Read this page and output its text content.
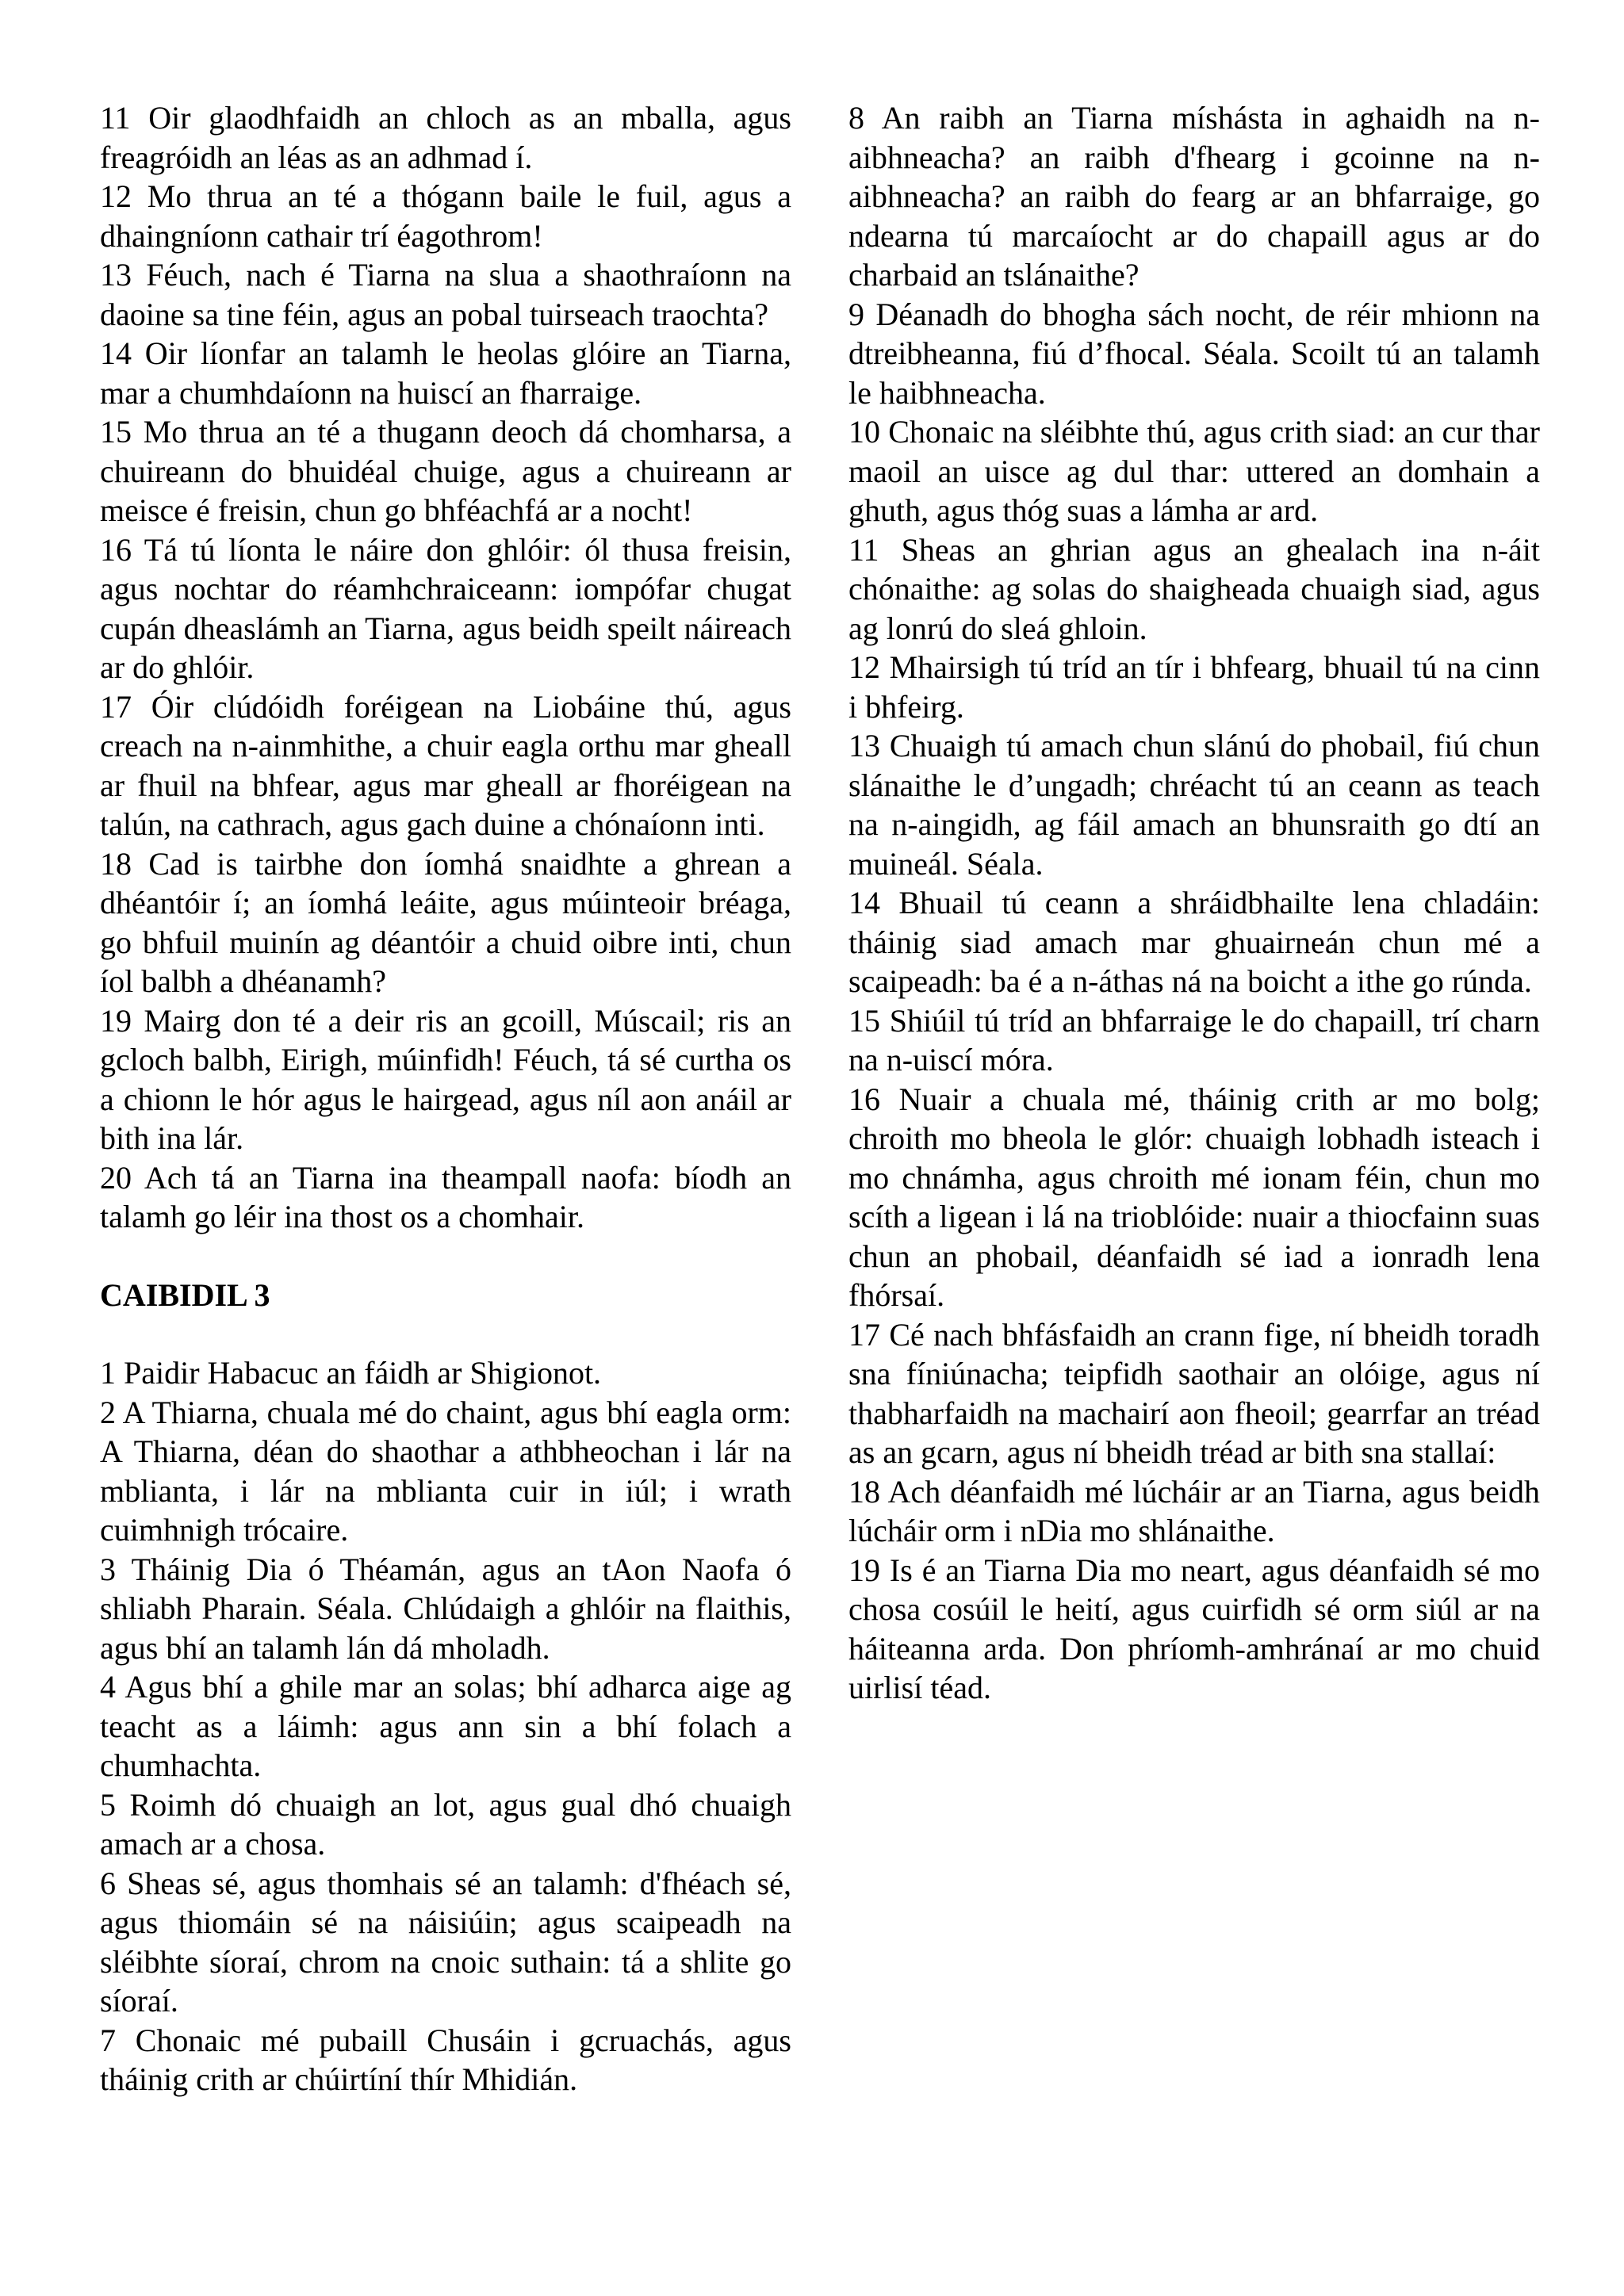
11 Oir glaodhfaidh an chloch as an mballa, agus freagróidh an léas as an adhmad í.

12 Mo thrua an té a thógann baile le fuil, agus a dhaingníonn cathair trí éagothrom!

13 Féuch, nach é Tiarna na slua a shaothraíonn na daoine sa tine féin, agus an pobal tuirseach traochta?

14 Oir líonfar an talamh le heolas glóire an Tiarna, mar a chumhdaíonn na huiscí an fharraige.

15 Mo thrua an té a thugann deoch dá chomharsa, a chuireann do bhuidéal chuige, agus a chuireann ar meisce é freisin, chun go bhféachfá ar a nocht!

16 Tá tú líonta le náire don ghlóir: ól thusa freisin, agus nochtar do réamhchraiceann: iompófar chugat cupán dheaslámh an Tiarna, agus beidh speilt náireach ar do ghlóir.

17 Óir clúdóidh foréigean na Liobáine thú, agus creach na n-ainmhithe, a chuir eagla orthu mar gheall ar fhuil na bhfear, agus mar gheall ar fhoréigean na talún, na cathrach, agus gach duine a chónaíonn inti.

18 Cad is tairbhe don íomhá snaidhte a ghrean a dhéantóir í; an íomhá leáite, agus múinteoir bréaga, go bhfuil muinín ag déantóir a chuid oibre inti, chun íol balbh a dhéanamh?

19 Mairg don té a deir ris an gcoill, Múscail; ris an gcloch balbh, Eirigh, múinfidh! Féuch, tá sé curtha os a chionn le hór agus le hairgead, agus níl aon anáil ar bith ina lár.

20 Ach tá an Tiarna ina theampall naofa: bíodh an talamh go léir ina thost os a chomhair.

CAIBIDIL 3

1 Paidir Habacuc an fáidh ar Shigionot.

2 A Thiarna, chuala mé do chaint, agus bhí eagla orm: A Thiarna, déan do shaothar a athbheochan i lár na mblianta, i lár na mblianta cuir in iúl; i wrath cuimhnigh trócaire.

3 Tháinig Dia ó Théamán, agus an tAon Naofa ó shliabh Pharain. Séala. Chlúdaigh a ghlóir na flaithis, agus bhí an talamh lán dá mholadh.

4 Agus bhí a ghile mar an solas; bhí adharca aige ag teacht as a láimh: agus ann sin a bhí folach a chumhachta.

5 Roimh dó chuaigh an lot, agus gual dhó chuaigh amach ar a chosa.

6 Sheas sé, agus thomhais sé an talamh: d'fhéach sé, agus thiomáin sé na náisiúin; agus scaipeadh na sléibhte síoraí, chrom na cnoic suthain: tá a shlite go síoraí.

7 Chonaic mé pubaill Chusáin i gcruachás, agus tháinig crith ar chúirtíní thír Mhidián.

8 An raibh an Tiarna míshásta in aghaidh na n-aibhneacha? an raibh d'fhearg i gcoinne na n-aibhneacha? an raibh do fearg ar an bhfarraige, go ndearna tú marcaíocht ar do chapaill agus ar do charbaid an tslánaithe?

9 Déanadh do bhogha sách nocht, de réir mhionn na dtreibheanna, fiú d’fhocal. Séala. Scoilt tú an talamh le haibhneacha.

10 Chonaic na sléibhte thú, agus crith siad: an cur thar maoil an uisce ag dul thar: uttered an domhain a ghuth, agus thóg suas a lámha ar ard.

11 Sheas an ghrian agus an ghealach ina n-áit chónaithe: ag solas do shaigheada chuaigh siad, agus ag lonrú do sleá ghloin.

12 Mhairsigh tú tríd an tír i bhfearg, bhuail tú na cinn i bhfeirg.

13 Chuaigh tú amach chun slánú do phobail, fiú chun slánaithe le d’ungadh; chréacht tú an ceann as teach na n-aingidh, ag fáil amach an bhunsraith go dtí an muineál. Séala.

14 Bhuail tú ceann a shráidbhailte lena chladáin: tháinig siad amach mar ghuairneán chun mé a scaipeadh: ba é a n-áthas ná na boicht a ithe go rúnda.

15 Shiúil tú tríd an bhfarraige le do chapaill, trí charn na n-uiscí móra.

16 Nuair a chuala mé, tháinig crith ar mo bolg; chroith mo bheola le glór: chuaigh lobhadh isteach i mo chnámha, agus chroith mé ionam féin, chun mo scíth a ligean i lá na trioblóide: nuair a thiocfainn suas chun an phobail, déanfaidh sé iad a ionradh lena fhórsaí.

17 Cé nach bhfásfaidh an crann fige, ní bheidh toradh sna fíniúnacha; teipfidh saothair an olóige, agus ní thabharfaidh na machairí aon fheoil; gearrfar an tréad as an gcarn, agus ní bheidh tréad ar bith sna stallaí:

18 Ach déanfaidh mé lúcháir ar an Tiarna, agus beidh lúcháir orm i nDia mo shlánaithe.

19 Is é an Tiarna Dia mo neart, agus déanfaidh sé mo chosa cosúil le heití, agus cuirfidh sé orm siúl ar na háiteanna arda. Don phríomh-amhránaí ar mo chuid uirlisí téad.
